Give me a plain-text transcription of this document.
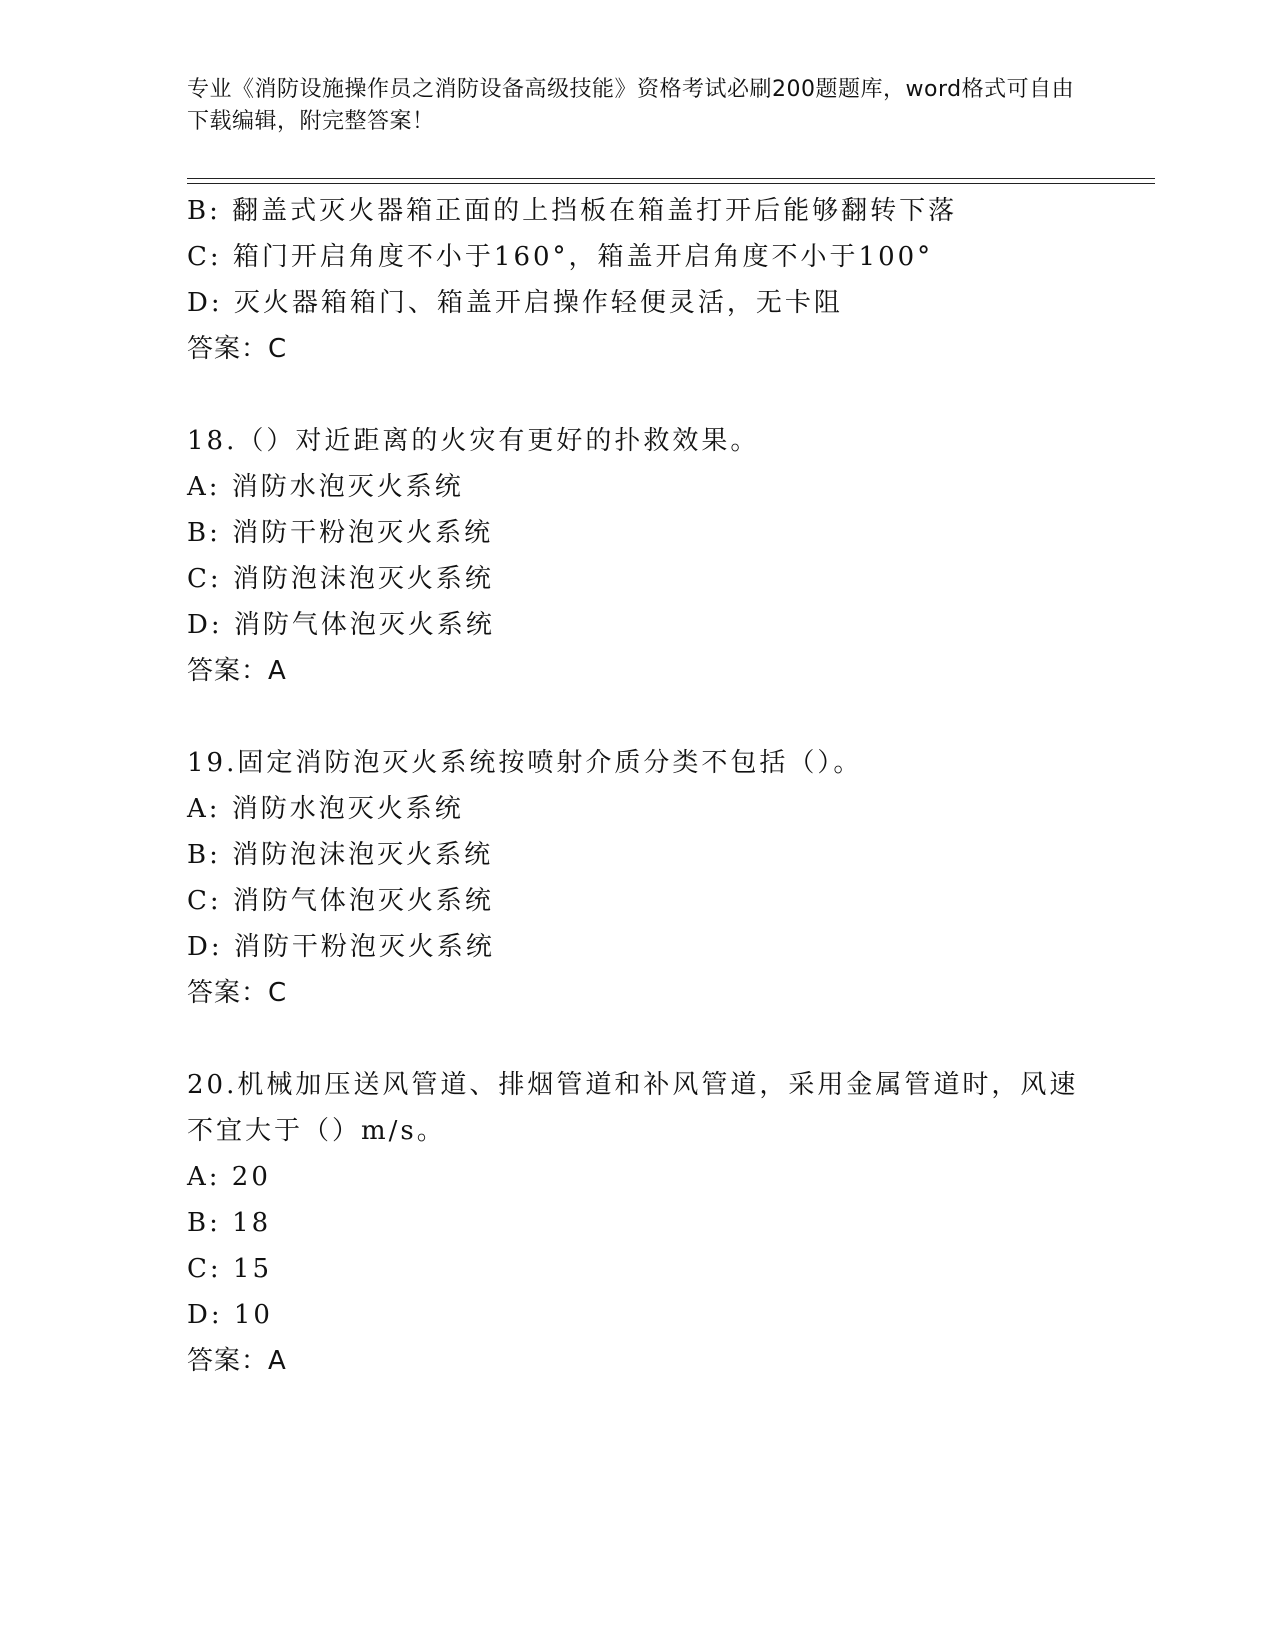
专业《消防设施操作员之消防设备高级技能》资格考试必刷200题题库，word格式可自由下载编辑，附完整答案！
B: 翻盖式灭火器箱正面的上挡板在箱盖打开后能够翻转下落
C: 箱门开启角度不小于160°，箱盖开启角度不小于100°
D: 灭火器箱箱门、箱盖开启操作轻便灵活，无卡阻
答案：C
18.（）对近距离的火灾有更好的扑救效果。
A: 消防水泡灭火系统
B: 消防干粉泡灭火系统
C: 消防泡沫泡灭火系统
D: 消防气体泡灭火系统
答案：A
19.固定消防泡灭火系统按喷射介质分类不包括（）。
A: 消防水泡灭火系统
B: 消防泡沫泡灭火系统
C: 消防气体泡灭火系统
D: 消防干粉泡灭火系统
答案：C
20.机械加压送风管道、排烟管道和补风管道，采用金属管道时，风速不宜大于（）m/s。
A: 20
B: 18
C: 15
D: 10
答案：A
